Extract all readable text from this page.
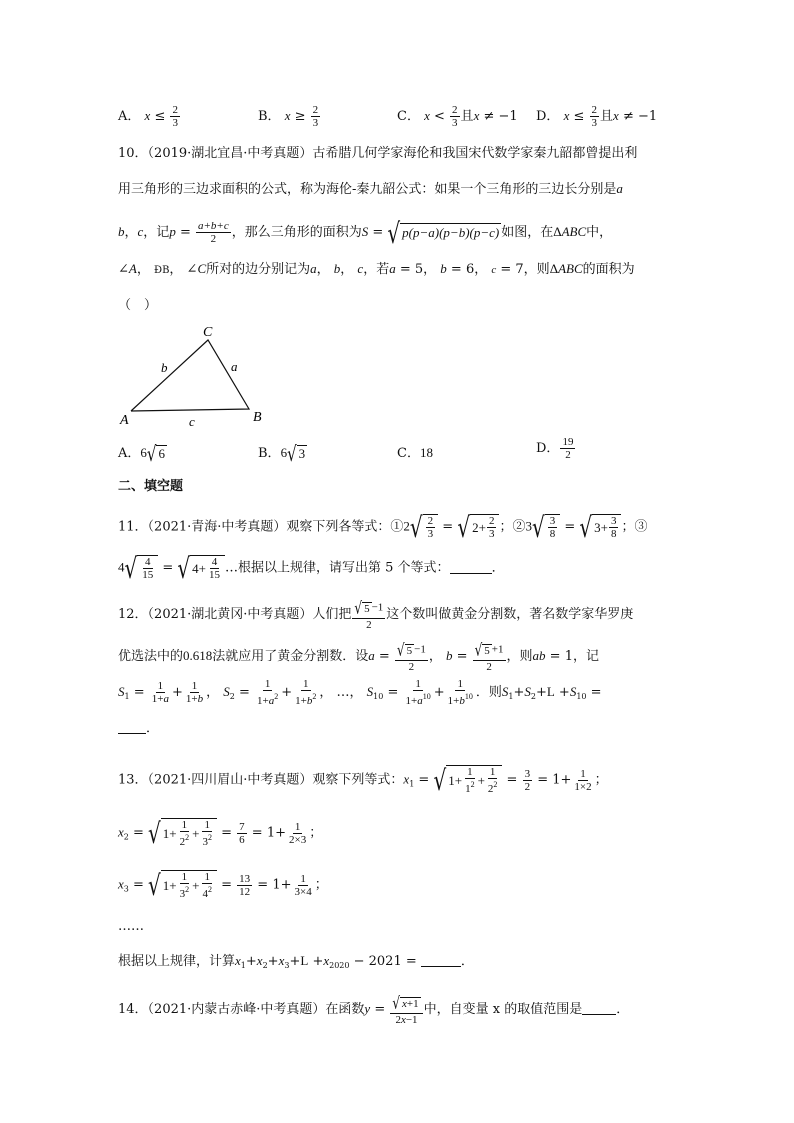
A． $x \le \frac{2}{3}$	B． $x \ge \frac{2}{3}$	C． $x < \frac{2}{3}$ 且x ≠ −1 D． $x \le \frac{2}{3}$ 且x ≠ −1
10．（2019·湖北宜昌·中考真题）古希腊几何学家海伦和我国宋代数学家秦九韶都曾提出利
用三角形的三边求面积的公式，称为海伦-秦九韶公式：如果一个三角形的三边长分别是a
b，c，记$p = \frac{a+b+c}{2}$ ，那么三角形的面积为S = √ p(p−a)(p−b)(p−c) 如图，在ΔABC中，
∠A， ÐB， ∠C所对的边分别记为a， b， c，若a = 5， b = 6， c = 7，则ΔABC的面积为
（　）
A	B
C
a
b
c
A．6 √ 6	B．6 √ 3	C．18	D． $\frac{19}{2}$
二、填空题
11．（2021·青海·中考真题）观察下列各等式：①2 √ 2
3 = √ 2+ 2
3 ；②3 √ 3
8 = √ 3+ 3
8 ；③
4 √ 4
15 = √ 4+ 4
15 …根据以上规律，请写出第 5 个等式：	．
12．（2021·湖北黄冈·中考真题）人们把 $\frac{√ 5 -1}{2}$ 这个数叫做黄金分割数，著名数学家华罗庚
优选法中的0.618法就应用了黄金分割数．设$a = \frac{√ 5 -1}{2}$ ， $b = \frac{√ 5 +1}{2}$ ，则ab = 1，记
$S_1 = \frac{1}{1+a} + \frac{1}{1+b}$ ， $S_2 = \frac{1}{1+a^2} + \frac{1}{1+b^2}$ ， …， $S_{10} = \frac{1}{1+a^{10}} + \frac{1}{1+b^{10}}$ ．则$S_1+S_2+L +S_{10}$ =
．
13．（2021·四川眉山·中考真题）观察下列等式：$x_1$ = √ 1+
1
$1^2$ +
1
$2^2 = \frac{3}{2} = 1+ \frac{1}{1\times 2}$ ；
$x_2$ = √ 1+
1
$2^2$ +
1
$3^2 = \frac{7}{6} = 1+ \frac{1}{2\times 3}$ ；
$x_3$ = √ 1+
1
$3^2$ +
1
$4^2 = \frac{13}{12} = 1+ \frac{1}{3\times 4}$ ；
……
根据以上规律，计算$x_1+x_2+x_3+L +x_{2020} - 2021$ =	．
14．（2021·内蒙古赤峰·中考真题）在函数$y = \frac{√ x +1}{2x-1}$ 中，自变量 x 的取值范围是	．
